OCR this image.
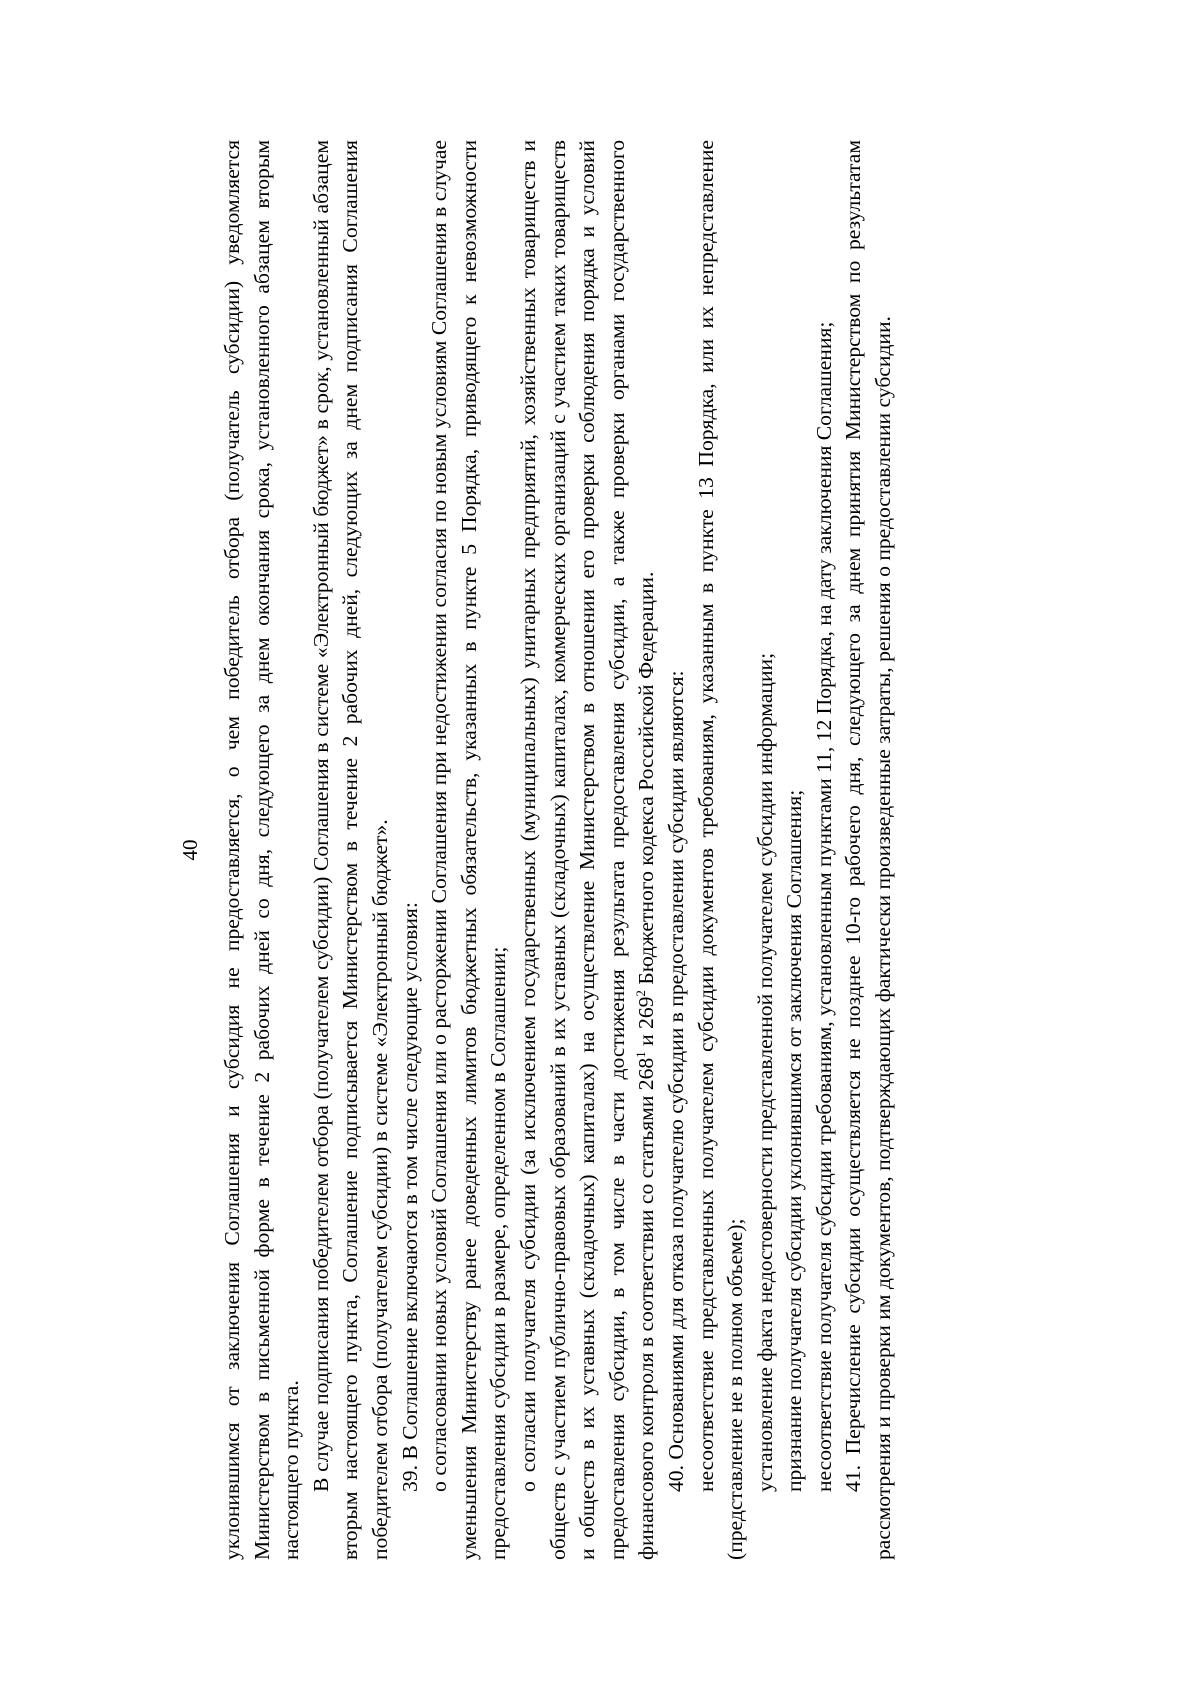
40 уклонившимся от заключения Соглашения и субсидия не предоставляется, о чем победитель отбора (получатель субсидии) уведомляется Министерством в письменной форме в течение 2 рабочих дней со дня, следующего за днем окончания срока, установленного абзацем вторым настоящего пункта. В случае подписания победителем отбора (получателем субсидии) Соглашения в системе «Электронный бюджет» в срок, установленный абзацем вторым настоящего пункта, Соглашение подписывается Министерством в течение 2 рабочих дней, следующих за днем подписания Соглашения победителем отбора (получателем субсидии) в системе «Электронный бюджет». 39. В Соглашение включаются в том числе следующие условия: о согласовании новых условий Соглашения или о расторжении Соглашения при недостижении согласия по новым условиям Соглашения в случае уменьшения Министерству ранее доведенных лимитов бюджетных обязательств, указанных в пункте 5 Порядка, приводящего к невозможности предоставления субсидии в размере, определенном в Соглашении; о согласии получателя субсидии (за исключением государственных (муниципальных) унитарных предприятий, хозяйственных товариществ и обществ с участием публично-правовых образований в их уставных (складочных) капиталах, коммерческих организаций с участием таких товариществ и обществ в их уставных (складочных) капиталах) на осуществление Министерством в отношении его проверки соблюдения порядка и условий предоставления субсидии, в том числе в части достижения результата предоставления субсидии, а также проверки органами государственного финансового контроля в соответствии со статьями $268^1$ и $269^2$ Бюджетного кодекса Российской Федерации. 40. Основаниями для отказа получателю субсидии в предоставлении субсидии являются: несоответствие представленных получателем субсидии документов требованиям, указанным в пункте 13 Порядка, или их непредставление (представление не в полном объеме); установление факта недостоверности представленной получателем субсидии информации; признание получателя субсидии уклонившимся от заключения Соглашения; несоответствие получателя субсидии требованиям, установленным пунктами 11, 12 Порядка, на дату заключения Соглашения; 41. Перечисление субсидии осуществляется не позднее 10-го рабочего дня, следующего за днем принятия Министерством по результатам рассмотрения и проверки им документов, подтверждающих фактически произведенные затраты, решения о предоставлении субсидии.
